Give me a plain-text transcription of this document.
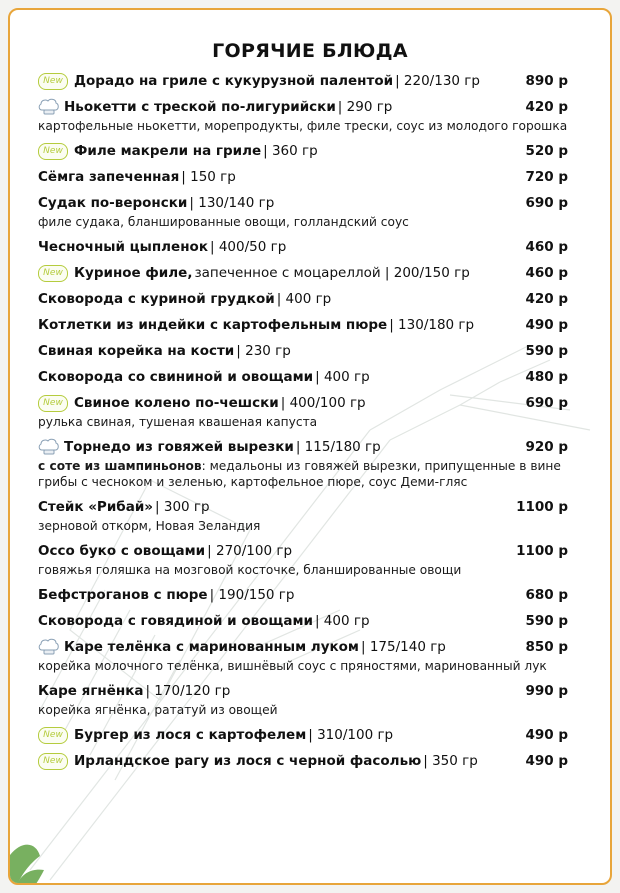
ГОРЯЧИЕ БЛЮДА
New Дорадо на гриле с кукурузной палентой | 220/130 гр	890 р
Ньокетти с треской по-лигурийски | 290 гр	420 р
картофельные ньокетти, морепродукты, филе трески, соус из молодого горошка
New Филе макрели на гриле | 360 гр	520 р
Сёмга запеченная | 150 гр	720 р
Судак по-веронски | 130/140 гр	690 р
филе судака, бланшированные овощи, голландский соус
Чесночный цыпленок | 400/50 гр	460 р
New Куриное филе, запеченное с моцареллой | 200/150 гр	460 р
Сковорода с куриной грудкой | 400 гр	420 р
Котлетки из индейки с картофельным пюре | 130/180 гр	490 р
Свиная корейка на кости | 230 гр	590 р
Сковорода со свининой и овощами | 400 гр	480 р
New Свиное колено по-чешски | 400/100 гр	690 р
рулька свиная, тушеная квашеная капуста
Торнедо из говяжей вырезки | 115/180 гр	920 р
с соте из шампиньонов: медальоны из говяжей вырезки, припущенные в вине грибы с чесноком и зеленью, картофельное пюре, соус Деми-гляс
Стейк «Рибай» | 300 гр	1100 р
зерновой откорм, Новая Зеландия
Оссо буко с овощами | 270/100 гр	1100 р
говяжья голяшка на мозговой косточке, бланшированные овощи
Бефстроганов с пюре | 190/150 гр	680 р
Сковорода с говядиной и овощами | 400 гр	590 р
Каре телёнка с маринованным луком | 175/140 гр	850 р
корейка молочного телёнка, вишнёвый соус с пряностями, маринованный лук
Каре ягнёнка | 170/120 гр	990 р
корейка ягнёнка, рататуй из овощей
New Бургер из лося с картофелем | 310/100 гр	490 р
New Ирландское рагу из лося с черной фасолью | 350 гр	490 р
